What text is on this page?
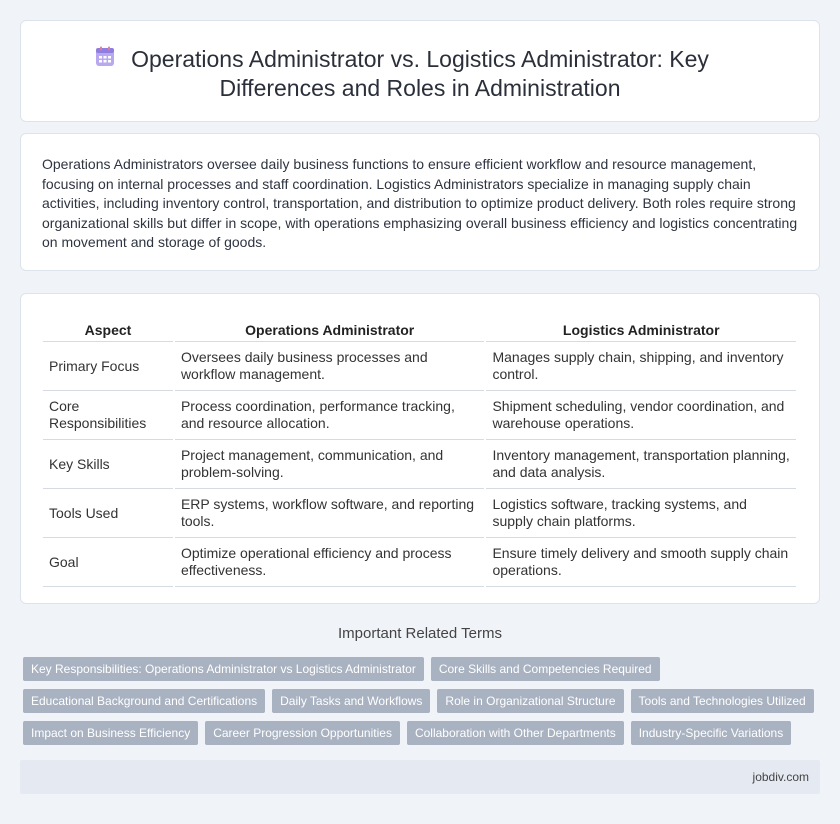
Operations Administrator vs. Logistics Administrator: Key Differences and Roles in Administration

Operations Administrators oversee daily business functions to ensure efficient workflow and resource management, focusing on internal processes and staff coordination. Logistics Administrators specialize in managing supply chain activities, including inventory control, transportation, and distribution to optimize product delivery. Both roles require strong organizational skills but differ in scope, with operations emphasizing overall business efficiency and logistics concentrating on movement and storage of goods.

Aspect	Operations Administrator	Logistics Administrator
Primary Focus	Oversees daily business processes and workflow management.	Manages supply chain, shipping, and inventory control.
Core Responsibilities	Process coordination, performance tracking, and resource allocation.	Shipment scheduling, vendor coordination, and warehouse operations.
Key Skills	Project management, communication, and problem-solving.	Inventory management, transportation planning, and data analysis.
Tools Used	ERP systems, workflow software, and reporting tools.	Logistics software, tracking systems, and supply chain platforms.
Goal	Optimize operational efficiency and process effectiveness.	Ensure timely delivery and smooth supply chain operations.
Important Related Terms
Key Responsibilities: Operations Administrator vs Logistics Administrator	Core Skills and Competencies Required
Educational Background and Certifications	Daily Tasks and Workflows	Role in Organizational Structure	Tools and Technologies Utilized
Impact on Business Efficiency	Career Progression Opportunities	Collaboration with Other Departments	Industry-Specific Variations
jobdiv.com
